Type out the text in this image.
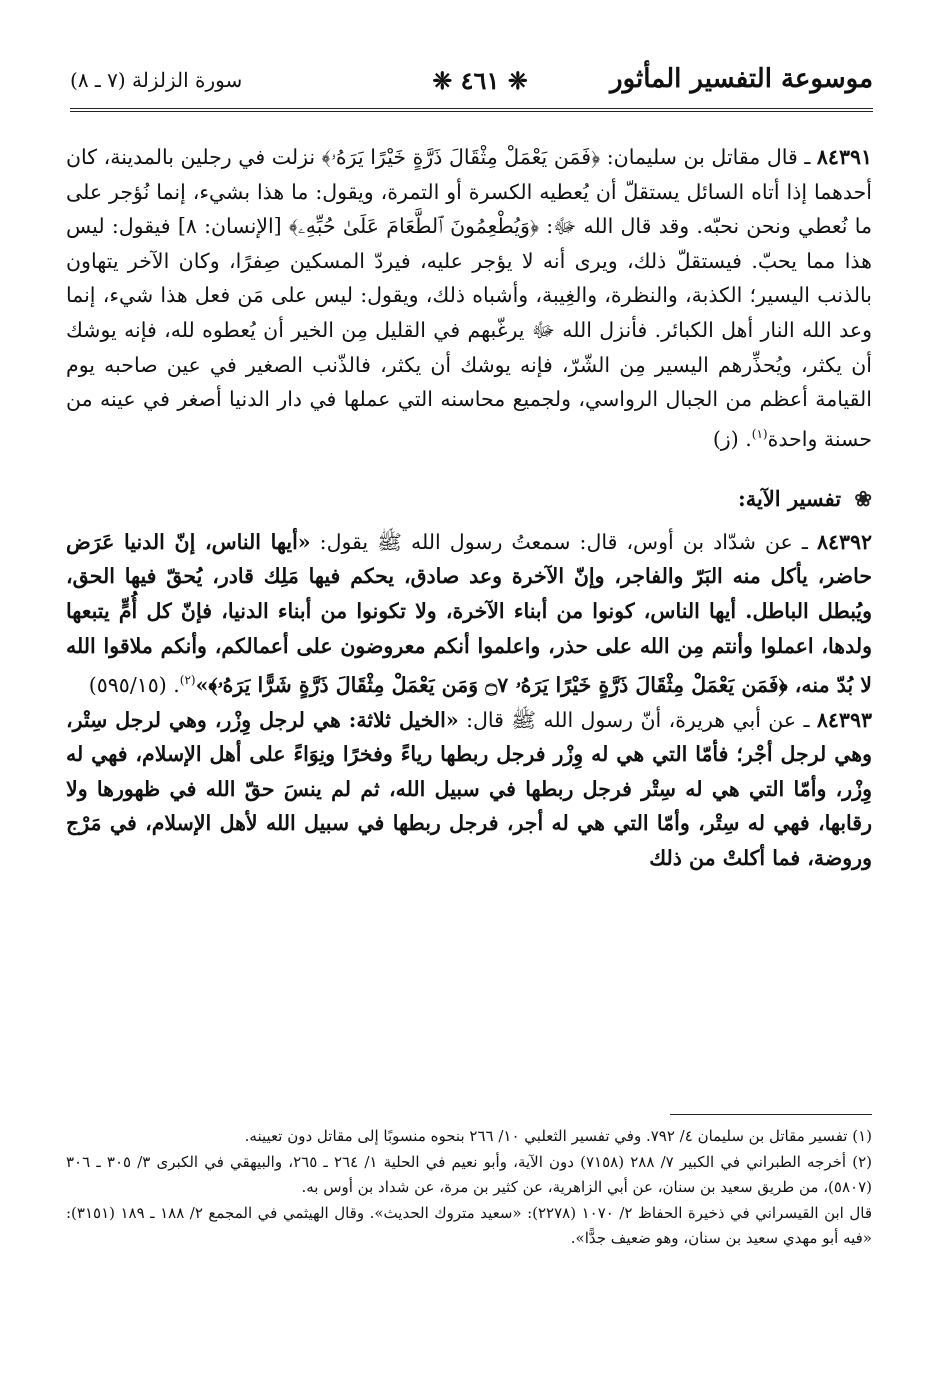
موسوعة التفسير المأثور
❈ ٤٦١ ❈
سورة الزلزلة (٧ ـ ٨)

٨٤٣٩١ ـ قال مقاتل بن سليمان: ﴿فَمَن يَعْمَلْ مِثْقَالَ ذَرَّةٍ خَيْرًا يَرَهُۥ﴾ نزلت في رجلين بالمدينة، كان أحدهما إذا أتاه السائل يستقلّ أن يُعطيه الكسرة أو التمرة، ويقول: ما هذا بشيء، إنما نُؤجر على ما نُعطي ونحن نحبّه. وقد قال الله ﷻ: ﴿وَيُطْعِمُونَ ٱلطَّعَامَ عَلَىٰ حُبِّهِۦ﴾ [الإنسان: ٨] فيقول: ليس هذا مما يحبّ. فيستقلّ ذلك، ويرى أنه لا يؤجر عليه، فيردّ المسكين صِفرًا، وكان الآخر يتهاون بالذنب اليسير؛ الكذبة، والنظرة، والغِيبة، وأشباه ذلك، ويقول: ليس على مَن فعل هذا شيء، إنما وعد الله النار أهل الكبائر. فأنزل الله ﷻ يرغّبهم في القليل مِن الخير أن يُعطوه لله، فإنه يوشك أن يكثر، ويُحذِّرهم اليسير مِن الشّرّ، فإنه يوشك أن يكثر، فالذّنب الصغير في عين صاحبه يوم القيامة أعظم من الجبال الرواسي، ولجميع محاسنه التي عملها في دار الدنيا أصغر في عينه من حسنة واحدة$^{(١)}$. (ز)

❀ تفسير الآية:

٨٤٣٩٢ ـ عن شدّاد بن أوس، قال: سمعتُ رسول الله ﷺ يقول: «أيها الناس، إنّ الدنيا عَرَض حاضر، يأكل منه البَرّ والفاجر، وإنّ الآخرة وعد صادق، يحكم فيها مَلِك قادر، يُحقّ فيها الحق، ويُبطل الباطل. أيها الناس، كونوا من أبناء الآخرة، ولا تكونوا من أبناء الدنيا، فإنّ كل أُمٍّ يتبعها ولدها، اعملوا وأنتم مِن الله على حذر، واعلموا أنكم معروضون على أعمالكم، وأنكم ملاقوا الله لا بُدّ منه، ﴿فَمَن يَعْمَلْ مِثْقَالَ ذَرَّةٍ خَيْرًا يَرَهُۥ ۝٧ وَمَن يَعْمَلْ مِثْقَالَ ذَرَّةٍ شَرًّا يَرَهُۥ﴾»$^{(٢)}$. (٥٩٥/١٥)

٨٤٣٩٣ ـ عن أبي هريرة، أنّ رسول الله ﷺ قال: «الخيل ثلاثة: هي لرجل وِزْر، وهي لرجل سِتْر، وهي لرجل أجْر؛ فأمّا التي هي له وِزْر فرجل ربطها رياءً وفخرًا ونِوَاءً على أهل الإسلام، فهي له وِزْر، وأمّا التي هي له سِتْر فرجل ربطها في سبيل الله، ثم لم ينسَ حقّ الله في ظهورها ولا رقابها، فهي له سِتْر، وأمّا التي هي له أجر، فرجل ربطها في سبيل الله لأهل الإسلام، في مَرْج وروضة، فما أكلتْ من ذلك

(١) تفسير مقاتل بن سليمان ٤/ ٧٩٢. وفي تفسير الثعلبي ١٠/ ٢٦٦ بنحوه منسوبًا إلى مقاتل دون تعيينه.

(٢) أخرجه الطبراني في الكبير ٧/ ٢٨٨ (٧١٥٨) دون الآية، وأبو نعيم في الحلية ١/ ٢٦٤ ـ ٢٦٥، والبيهقي في الكبرى ٣/ ٣٠٥ ـ ٣٠٦ (٥٨٠٧)، من طريق سعيد بن سنان، عن أبي الزاهرية، عن كثير بن مرة، عن شداد بن أوس به.

قال ابن القيسراني في ذخيرة الحفاظ ٢/ ١٠٧٠ (٢٢٧٨): «سعيد متروك الحديث». وقال الهيثمي في المجمع ٢/ ١٨٨ ـ ١٨٩ (٣١٥١): «فيه أبو مهدي سعيد بن سنان، وهو ضعيف جدًّا».
